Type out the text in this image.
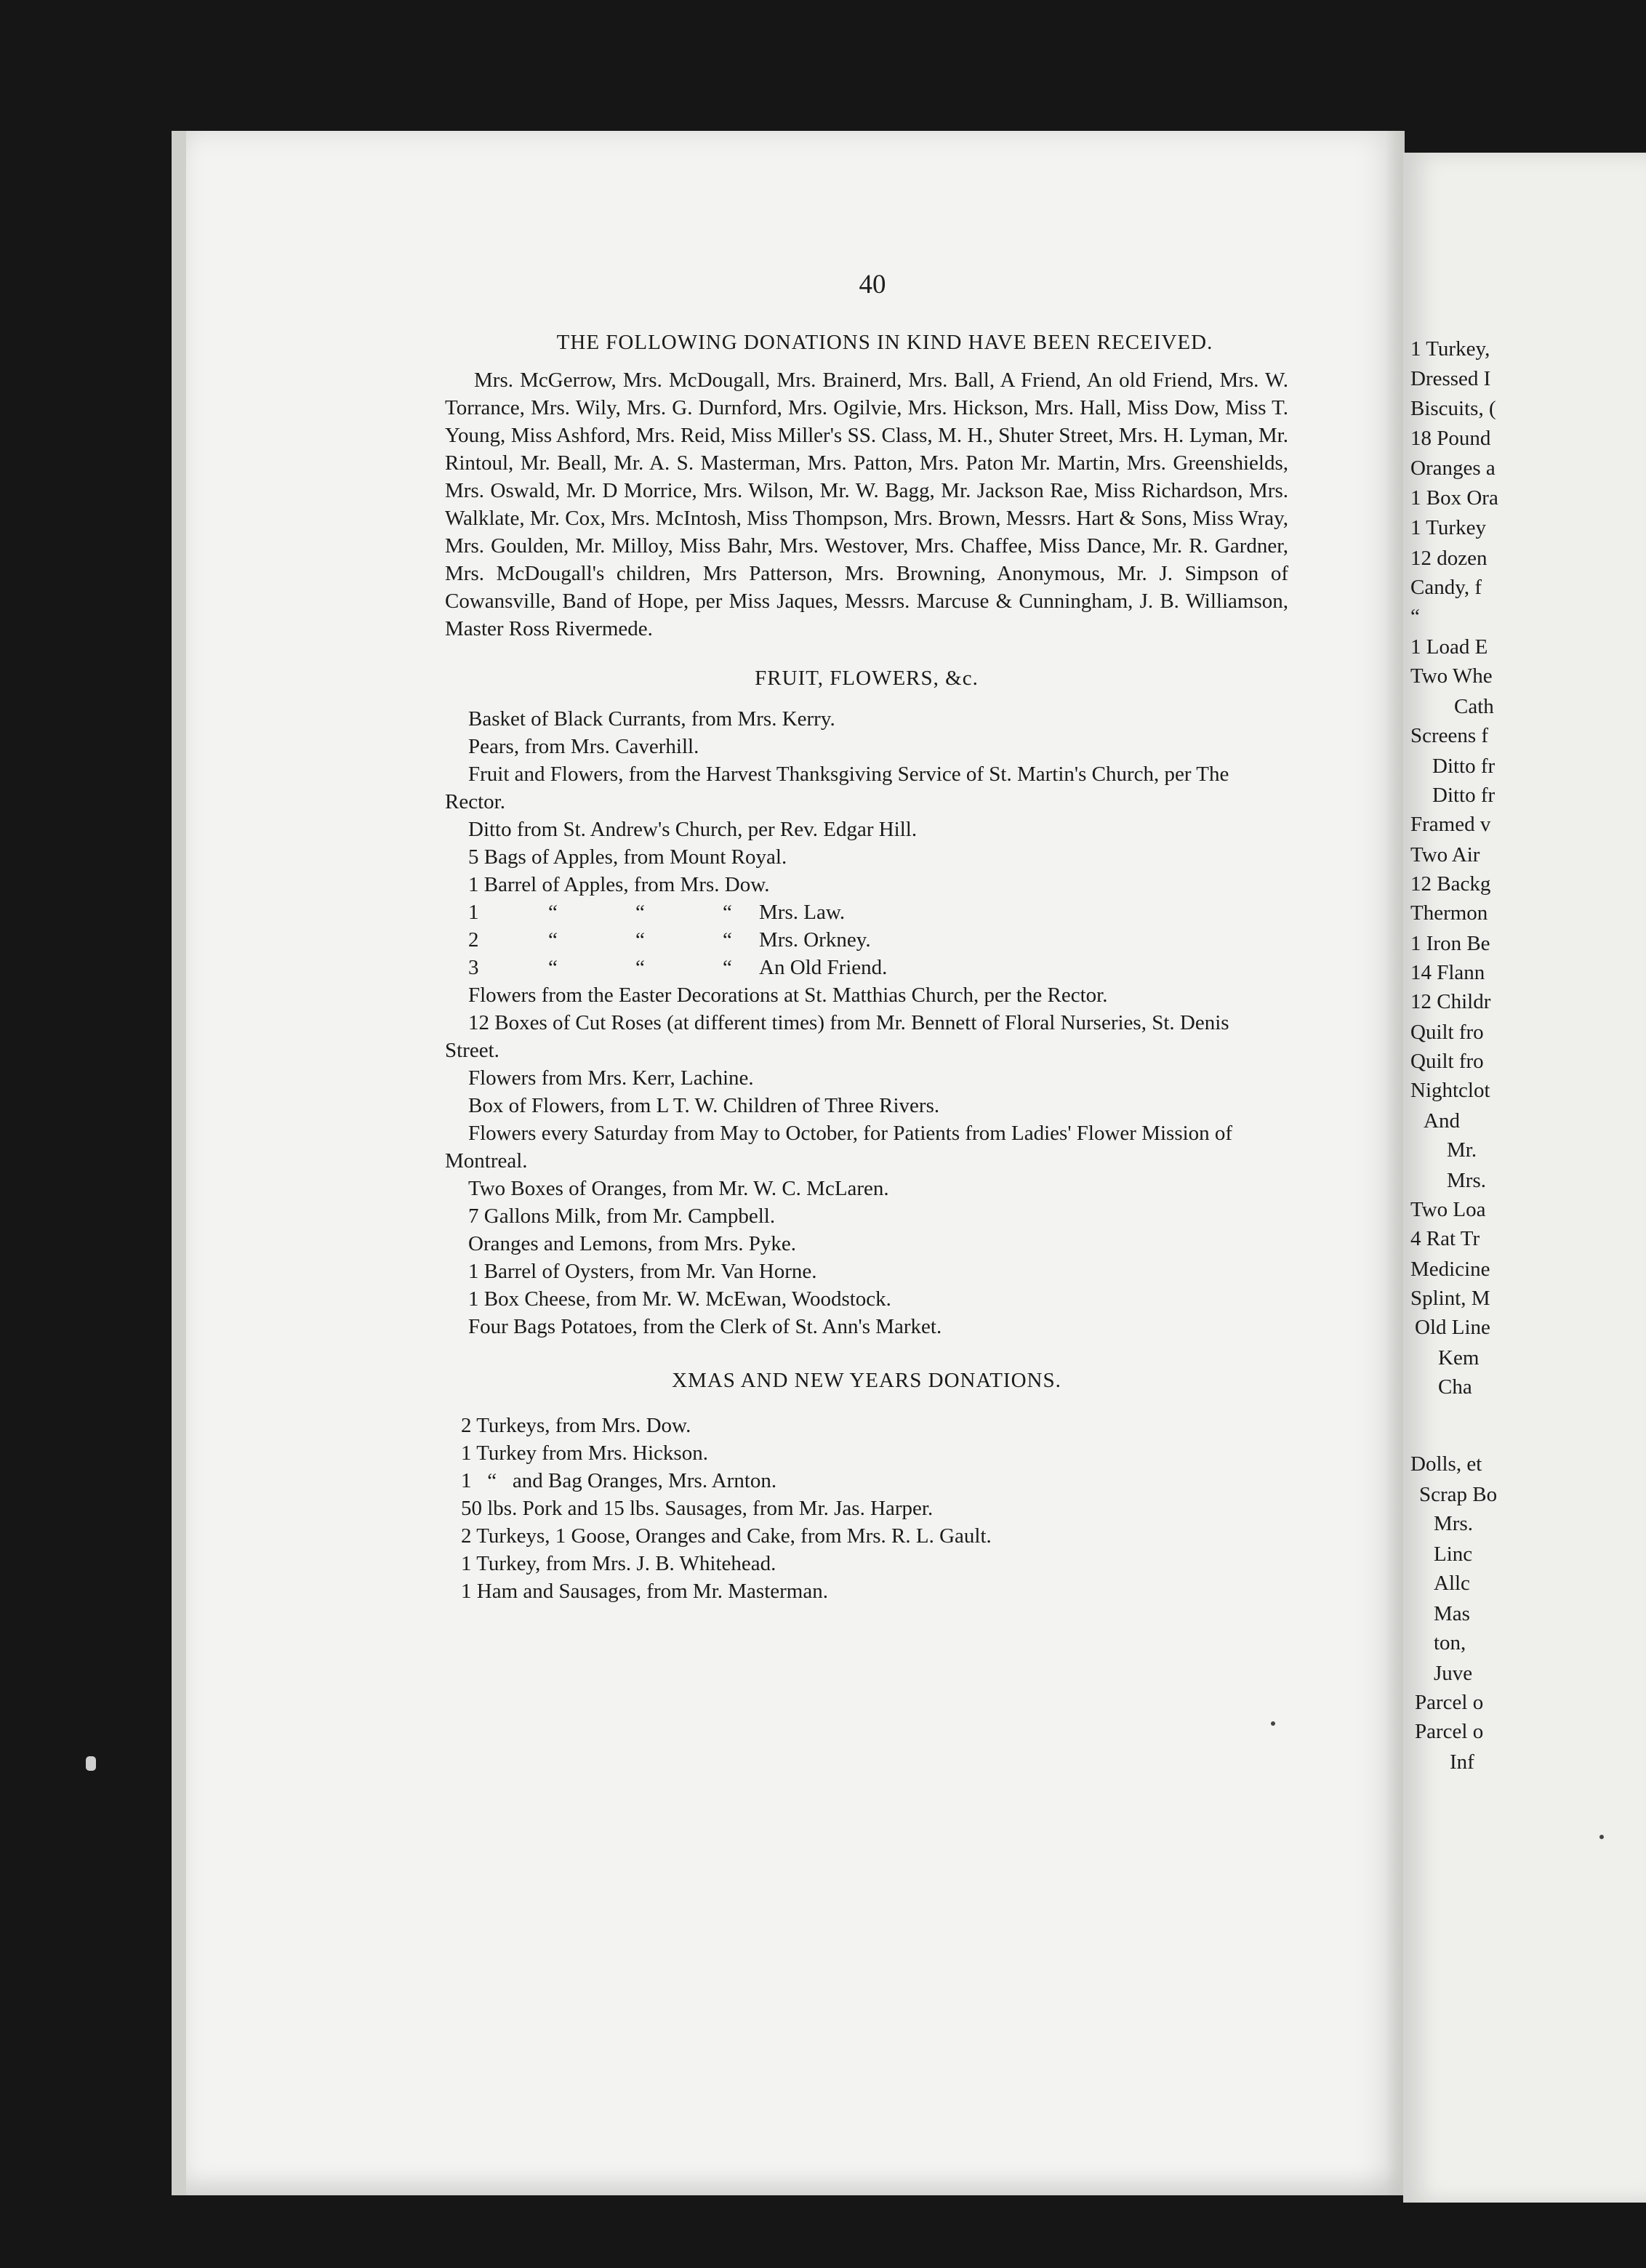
40
THE FOLLOWING DONATIONS IN KIND HAVE BEEN RECEIVED.

Mrs. McGerrow, Mrs. McDougall, Mrs. Brainerd, Mrs. Ball, A Friend, An old Friend, Mrs. W. Torrance, Mrs. Wily, Mrs. G. Durnford, Mrs. Ogilvie, Mrs. Hickson, Mrs. Hall, Miss Dow, Miss T. Young, Miss Ashford, Mrs. Reid, Miss Miller's SS. Class, M. H., Shuter Street, Mrs. H. Lyman, Mr. Rintoul, Mr. Beall, Mr. A. S. Masterman, Mrs. Patton, Mrs. Paton Mr. Martin, Mrs. Greenshields, Mrs. Oswald, Mr. D Morrice, Mrs. Wilson, Mr. W. Bagg, Mr. Jackson Rae, Miss Richardson, Mrs. Walklate, Mr. Cox, Mrs. McIntosh, Miss Thompson, Mrs. Brown, Messrs. Hart & Sons, Miss Wray, Mrs. Goulden, Mr. Milloy, Miss Bahr, Mrs. Westover, Mrs. Chaffee, Miss Dance, Mr. R. Gardner, Mrs. McDougall's children, Mrs Patterson, Mrs. Browning, Anonymous, Mr. J. Simpson of Cowansville, Band of Hope, per Miss Jaques, Messrs. Marcuse & Cunningham, J. B. Williamson, Master Ross Rivermede.

FRUIT, FLOWERS, &c.
Basket of Black Currants, from Mrs. Kerry.
Pears, from Mrs. Caverhill.
Fruit and Flowers, from the Harvest Thanksgiving Service of St. Martin's Church, per The Rector.
Ditto from St. Andrew's Church, per Rev. Edgar Hill.
5 Bags of Apples, from Mount Royal.
1 Barrel of Apples, from Mrs. Dow.
1	“	“	“ Mrs. Law.
2	“	“	“ Mrs. Orkney.
3	“	“	“ An Old Friend.
Flowers from the Easter Decorations at St. Matthias Church, per the Rector.
12 Boxes of Cut Roses (at different times) from Mr. Bennett of Floral Nurseries, St. Denis Street.
Flowers from Mrs. Kerr, Lachine.
Box of Flowers, from L T. W. Children of Three Rivers.
Flowers every Saturday from May to October, for Patients from Ladies' Flower Mission of Montreal.
Two Boxes of Oranges, from Mr. W. C. McLaren.
7 Gallons Milk, from Mr. Campbell.
Oranges and Lemons, from Mrs. Pyke.
1 Barrel of Oysters, from Mr. Van Horne.
1 Box Cheese, from Mr. W. McEwan, Woodstock.
Four Bags Potatoes, from the Clerk of St. Ann's Market.
XMAS AND NEW YEARS DONATIONS.
2 Turkeys, from Mrs. Dow.
1 Turkey from Mrs. Hickson.
1   “   and Bag Oranges, Mrs. Arnton.
50 lbs. Pork and 15 lbs. Sausages, from Mr. Jas. Harper.
2 Turkeys, 1 Goose, Oranges and Cake, from Mrs. R. L. Gault.
1 Turkey, from Mrs. J. B. Whitehead.
1 Ham and Sausages, from Mr. Masterman.
1 Turkey,
Dressed I
Biscuits, (
18 Pound
Oranges a
1 Box Ora
1 Turkey
12 dozen
Candy, f
“
1 Load E
Two Whe
Cath
Screens f
Ditto fr
Ditto fr
Framed v
Two Air
12 Backg
Thermon
1 Iron Be
14 Flann
12 Childr
Quilt fro
Quilt fro
Nightclot
And
Mr.
Mrs.
Two Loa
4 Rat Tr
Medicine
Splint, M
Old Line
Kem
Cha
Dolls, et
Scrap Bo
Mrs.
Linc
Allc
Mas
ton,
Juve
Parcel o
Parcel o
Inf
